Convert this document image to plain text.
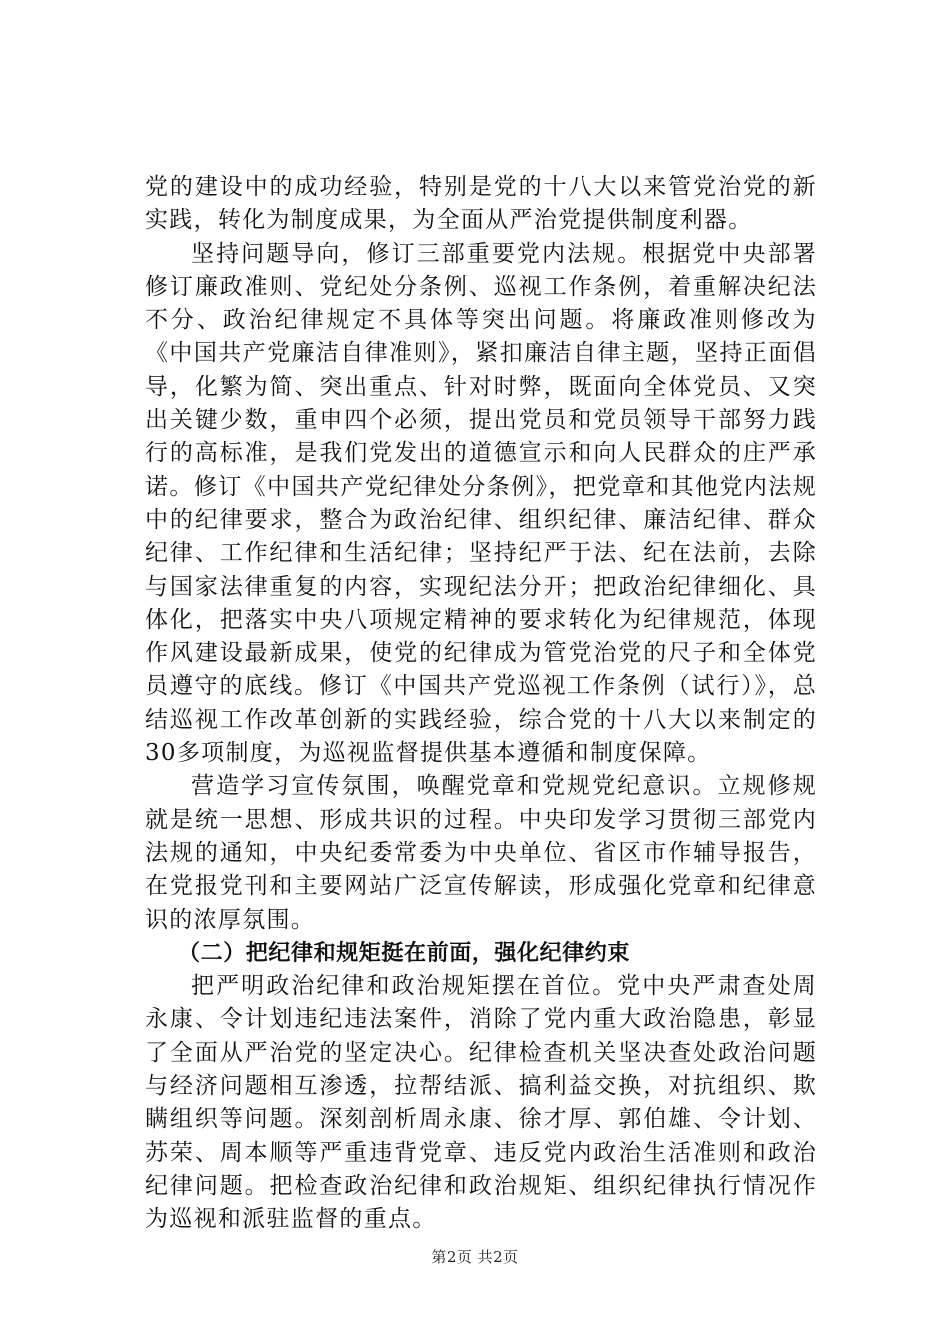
党的建设中的成功经验，特别是党的十八大以来管党治党的新实践，转化为制度成果，为全面从严治党提供制度利器。

坚持问题导向，修订三部重要党内法规。根据党中央部署修订廉政准则、党纪处分条例、巡视工作条例，着重解决纪法不分、政治纪律规定不具体等突出问题。将廉政准则修改为《中国共产党廉洁自律准则》，紧扣廉洁自律主题，坚持正面倡导，化繁为简、突出重点、针对时弊，既面向全体党员、又突出关键少数，重申四个必须，提出党员和党员领导干部努力践行的高标准，是我们党发出的道德宣示和向人民群众的庄严承诺。修订《中国共产党纪律处分条例》，把党章和其他党内法规中的纪律要求，整合为政治纪律、组织纪律、廉洁纪律、群众纪律、工作纪律和生活纪律；坚持纪严于法、纪在法前，去除与国家法律重复的内容，实现纪法分开；把政治纪律细化、具体化，把落实中央八项规定精神的要求转化为纪律规范，体现作风建设最新成果，使党的纪律成为管党治党的尺子和全体党员遵守的底线。修订《中国共产党巡视工作条例（试行）》，总结巡视工作改革创新的实践经验，综合党的十八大以来制定的30多项制度，为巡视监督提供基本遵循和制度保障。

营造学习宣传氛围，唤醒党章和党规党纪意识。立规修规就是统一思想、形成共识的过程。中央印发学习贯彻三部党内法规的通知，中央纪委常委为中央单位、省区市作辅导报告，在党报党刊和主要网站广泛宣传解读，形成强化党章和纪律意识的浓厚氛围。

（二）把纪律和规矩挺在前面，强化纪律约束

把严明政治纪律和政治规矩摆在首位。党中央严肃查处周永康、令计划违纪违法案件，消除了党内重大政治隐患，彰显了全面从严治党的坚定决心。纪律检查机关坚决查处政治问题与经济问题相互渗透，拉帮结派、搞利益交换，对抗组织、欺瞒组织等问题。深刻剖析周永康、徐才厚、郭伯雄、令计划、苏荣、周本顺等严重违背党章、违反党内政治生活准则和政治纪律问题。把检查政治纪律和政治规矩、组织纪律执行情况作为巡视和派驻监督的重点。

第2页 共2页
